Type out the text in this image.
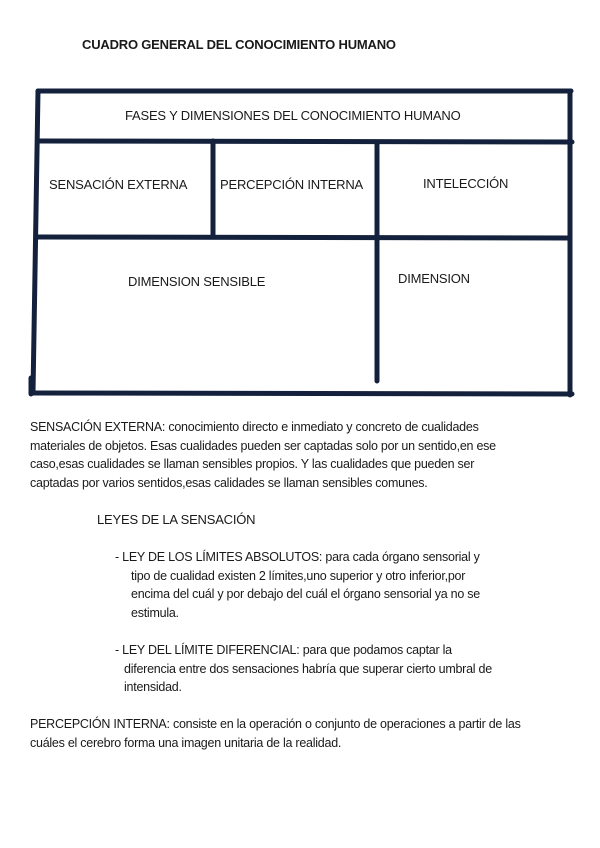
CUADRO GENERAL DEL CONOCIMIENTO HUMANO
FASES Y DIMENSIONES DEL CONOCIMIENTO HUMANO
SENSACIÓN EXTERNA	PERCEPCIÓN INTERNA	INTELECCIÓN
DIMENSION SENSIBLE	DIMENSION
SENSACIÓN EXTERNA: conocimiento directo e inmediato y concreto de cualidades
materiales de objetos. Esas cualidades pueden ser captadas solo por un sentido,en ese
caso,esas cualidades se llaman sensibles propios. Y las cualidades que pueden ser
captadas por varios sentidos,esas calidades se llaman sensibles comunes.
LEYES DE LA SENSACIÓN
- LEY DE LOS LÍMITES ABSOLUTOS: para cada órgano sensorial y
tipo de cualidad existen 2 límites,uno superior y otro inferior,por
encima del cuál y por debajo del cuál el órgano sensorial ya no se
estimula.
- LEY DEL LÍMITE DIFERENCIAL: para que podamos captar la
diferencia entre dos sensaciones habría que superar cierto umbral de
intensidad.
PERCEPCIÓN INTERNA: consiste en la operación o conjunto de operaciones a partir de las
cuáles el cerebro forma una imagen unitaria de la realidad.
